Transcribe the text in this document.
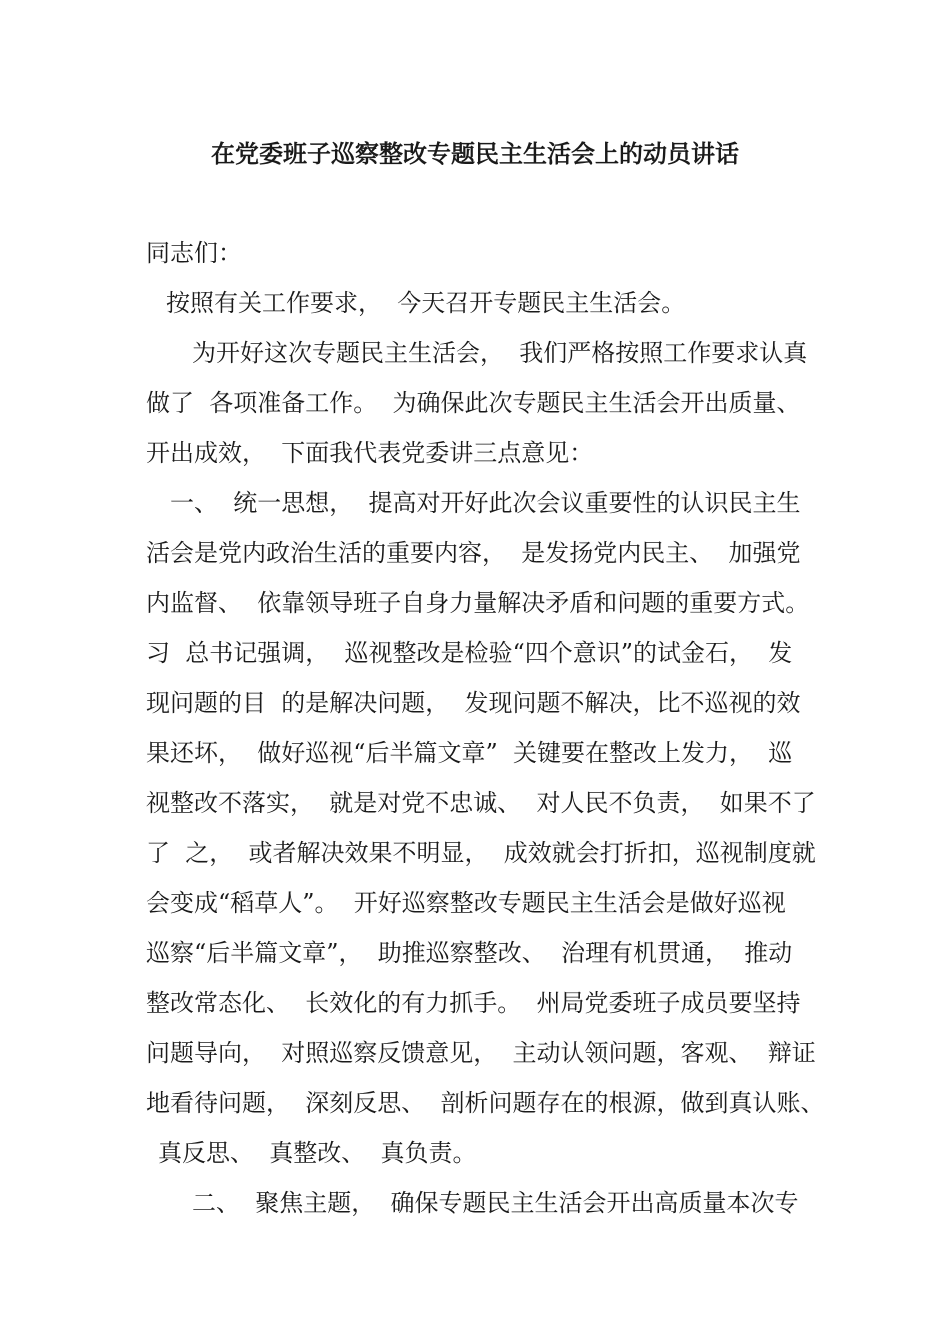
在党委班子巡察整改专题民主生活会上的动员讲话

同志们：

按照有关工作要求，  今天召开专题民主生活会。

为开好这次专题民主生活会，  我们严格按照工作要求认真

做了  各项准备工作。  为确保此次专题民主生活会开出质量、

开出成效，  下面我代表党委讲三点意见：

一、  统一思想，  提高对开好此次会议重要性的认识民主生

活会是党内政治生活的重要内容，  是发扬党内民主、  加强党

内监督、  依靠领导班子自身力量解决矛盾和问题的重要方式。

习  总书记强调，  巡视整改是检验“四个意识”的试金石，  发

现问题的目  的是解决问题，  发现问题不解决，比不巡视的效

果还坏，  做好巡视“后半篇文章”  关键要在整改上发力，  巡

视整改不落实，  就是对党不忠诚、  对人民不负责，  如果不了

了  之，  或者解决效果不明显，  成效就会打折扣，巡视制度就

会变成“稻草人”。  开好巡察整改专题民主生活会是做好巡视

巡察“后半篇文章”，  助推巡察整改、  治理有机贯通，  推动

整改常态化、  长效化的有力抓手。  州局党委班子成员要坚持

问题导向，  对照巡察反馈意见，  主动认领问题，客观、  辩证

地看待问题，  深刻反思、  剖析问题存在的根源，做到真认账、

真反思、  真整改、  真负责。

二、  聚焦主题，  确保专题民主生活会开出高质量本次专
